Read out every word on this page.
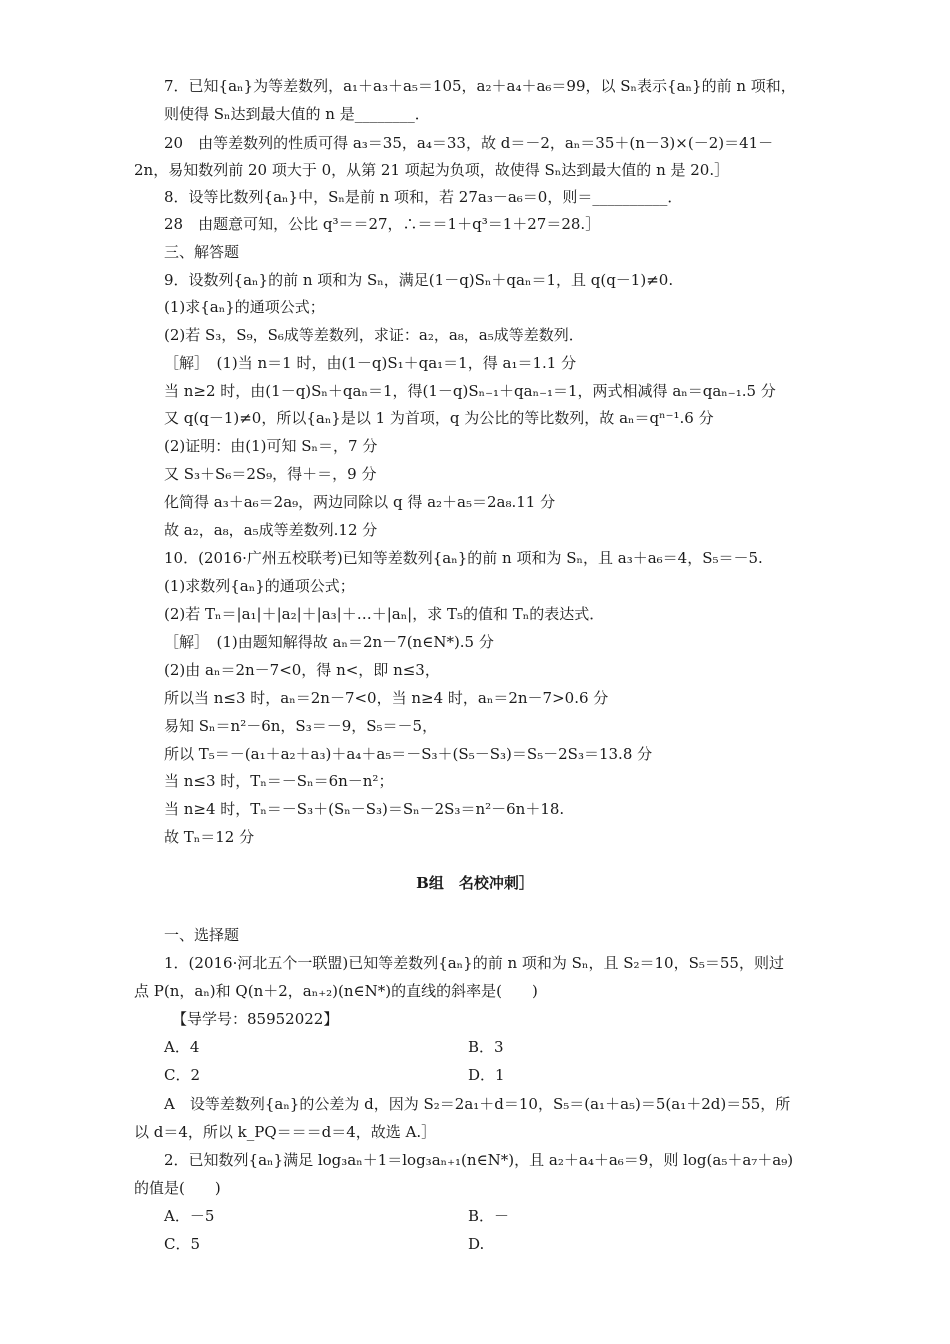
7．已知{aₙ}为等差数列，a₁＋a₃＋a₅＝105，a₂＋a₄＋a₆＝99，以 Sₙ表示{aₙ}的前 n 项和，
则使得 Sₙ达到最大值的 n 是________．
20　由等差数列的性质可得 a₃＝35，a₄＝33，故 d＝－2，aₙ＝35＋(n－3)×(－2)＝41－
2n，易知数列前 20 项大于 0，从第 21 项起为负项，故使得 Sₙ达到最大值的 n 是 20.］
8．设等比数列{aₙ}中，Sₙ是前 n 项和，若 27a₃－a₆＝0，则＝__________．
28　由题意可知，公比 q³＝＝27，∴＝＝1＋q³＝1＋27＝28.］
三、解答题
9．设数列{aₙ}的前 n 项和为 Sₙ，满足(1－q)Sₙ＋qaₙ＝1，且 q(q－1)≠0.
(1)求{aₙ}的通项公式；
(2)若 S₃，S₉，S₆成等差数列，求证：a₂，a₈，a₅成等差数列．
［解］　(1)当 n＝1 时，由(1－q)S₁＋qa₁＝1，得 a₁＝1.1 分
当 n≥2 时，由(1－q)Sₙ＋qaₙ＝1，得(1－q)Sₙ₋₁＋qaₙ₋₁＝1，两式相减得 aₙ＝qaₙ₋₁.5 分
又 q(q－1)≠0，所以{aₙ}是以 1 为首项，q 为公比的等比数列，故 aₙ＝qⁿ⁻¹.6 分
(2)证明：由(1)可知 Sₙ＝，7 分
又 S₃＋S₆＝2S₉，得＋＝，9 分
化简得 a₃＋a₆＝2a₉，两边同除以 q 得 a₂＋a₅＝2a₈.11 分
故 a₂，a₈，a₅成等差数列.12 分
10．(2016·广州五校联考)已知等差数列{aₙ}的前 n 项和为 Sₙ，且 a₃＋a₆＝4，S₅＝－5.
(1)求数列{aₙ}的通项公式；
(2)若 Tₙ＝|a₁|＋|a₂|＋|a₃|＋…＋|aₙ|，求 T₅的值和 Tₙ的表达式．
［解］　(1)由题知解得故 aₙ＝2n－7(n∈N*).5 分
(2)由 aₙ＝2n－7<0，得 n<，即 n≤3，
所以当 n≤3 时，aₙ＝2n－7<0，当 n≥4 时，aₙ＝2n－7>0.6 分
易知 Sₙ＝n²－6n，S₃＝－9，S₅＝－5，
所以 T₅＝－(a₁＋a₂＋a₃)＋a₄＋a₅＝－S₃＋(S₅－S₃)＝S₅－2S₃＝13.8 分
当 n≤3 时，Tₙ＝－Sₙ＝6n－n²；
当 n≥4 时，Tₙ＝－S₃＋(Sₙ－S₃)＝Sₙ－2S₃＝n²－6n＋18.
故 Tₙ＝12 分
一、选择题
1．(2016·河北五个一联盟)已知等差数列{aₙ}的前 n 项和为 Sₙ，且 S₂＝10，S₅＝55，则过
点 P(n，aₙ)和 Q(n＋2，aₙ₊₂)(n∈N*)的直线的斜率是(　　)
【导学号：85952022】
A　设等差数列{aₙ}的公差为 d，因为 S₂＝2a₁＋d＝10，S₅＝(a₁＋a₅)＝5(a₁＋2d)＝55，所
以 d＝4，所以 k_PQ＝＝＝d＝4，故选 A.］
2．已知数列{aₙ}满足 log₃aₙ＋1＝log₃aₙ₊₁(n∈N*)，且 a₂＋a₄＋a₆＝9，则 log(a₅＋a₇＋a₉)
的值是(　　)
B组　名校冲刺］
A．4	B．3
C．2	D．1
A．－5	B．－
C．5	D.
